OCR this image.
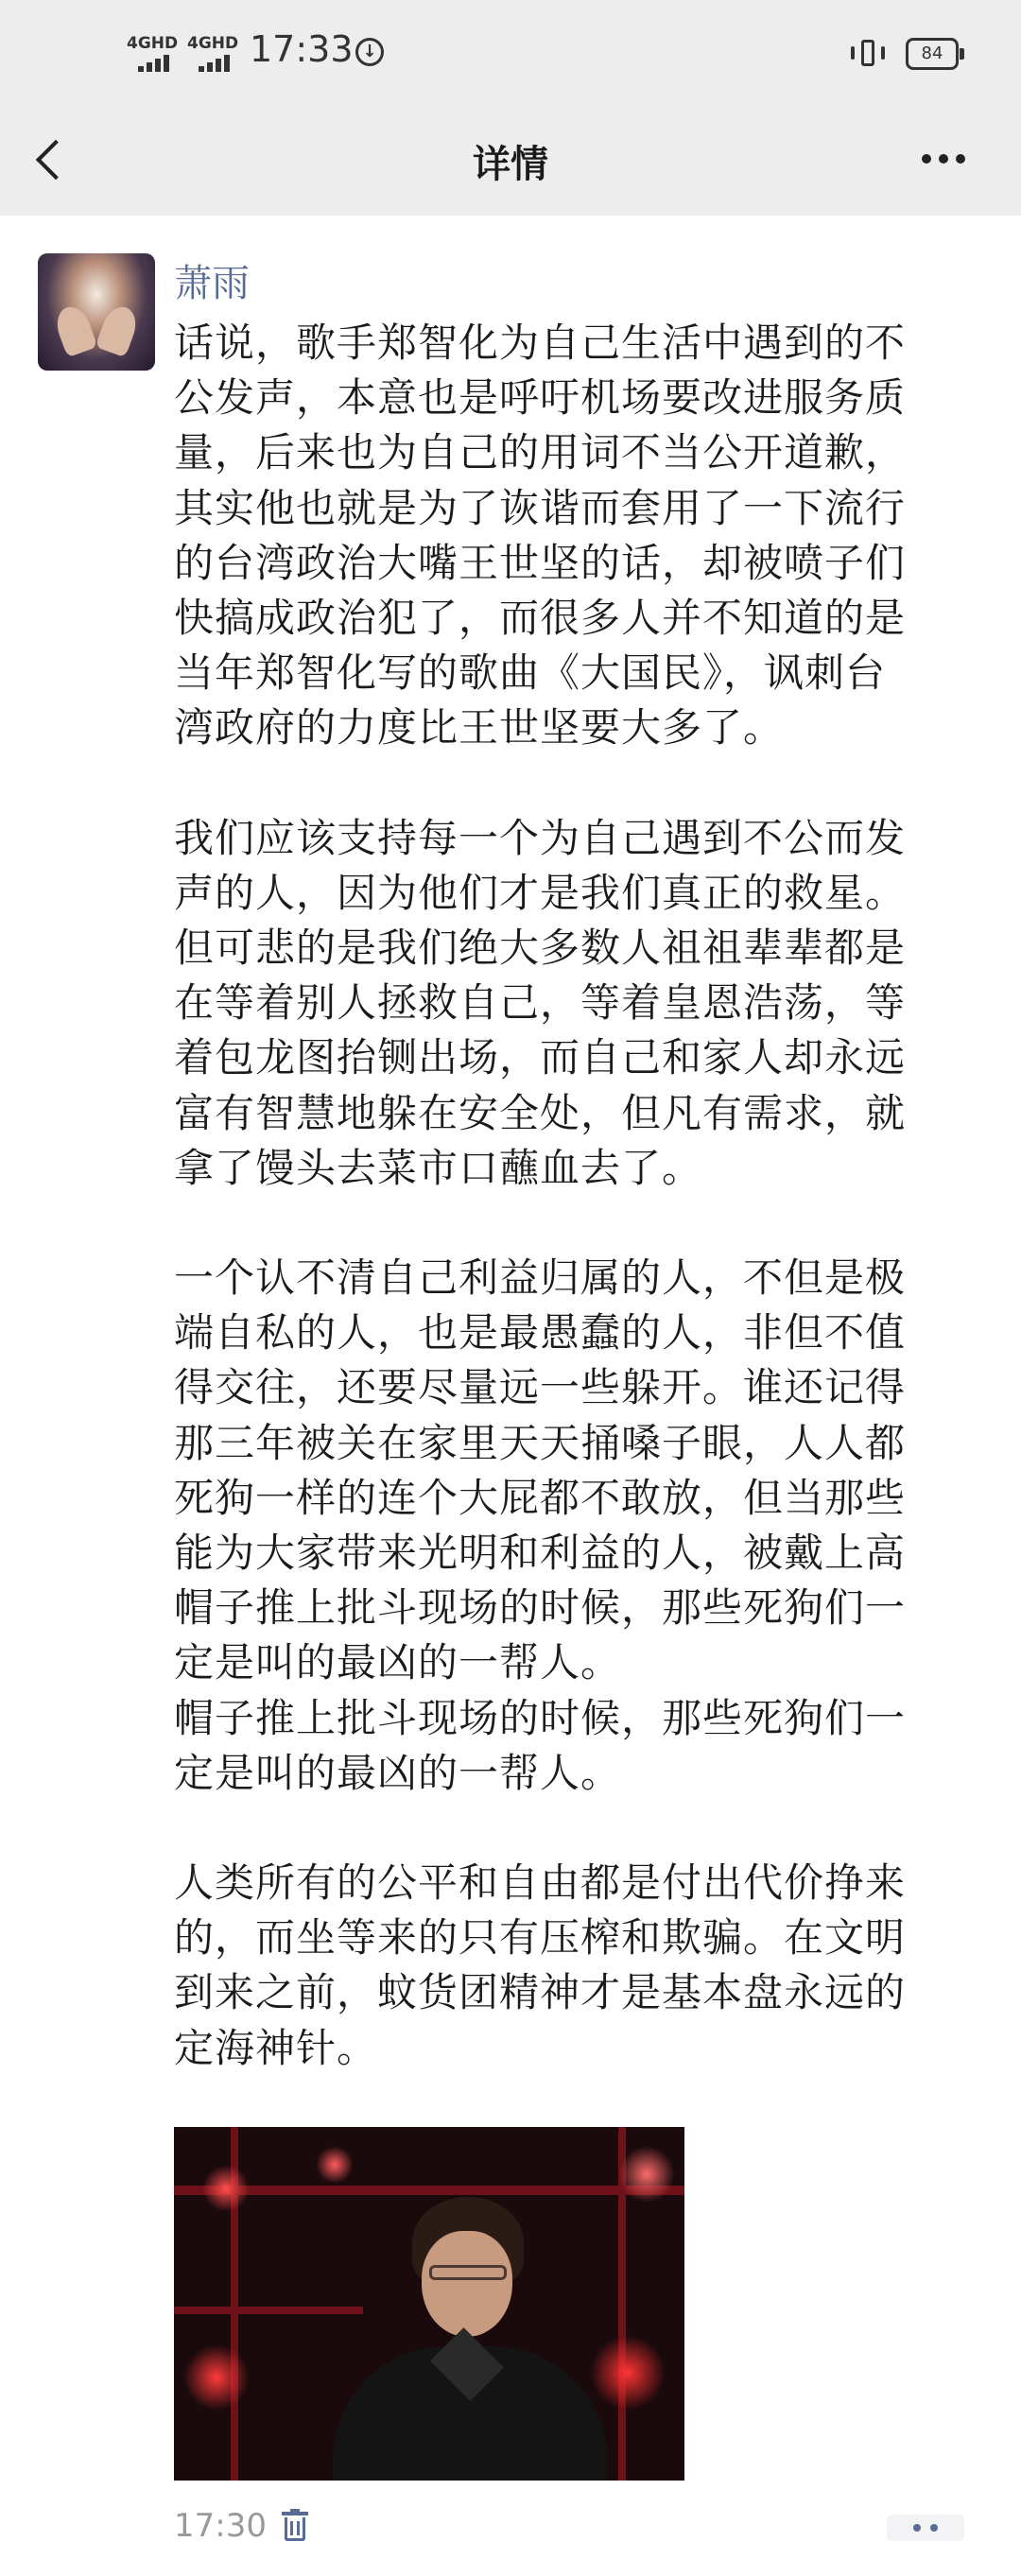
4GHD 4GHD 17:33 ↓	84
详情
萧雨

话说，歌手郑智化为自己生活中遇到的不
公发声，本意也是呼吁机场要改进服务质
量，后来也为自己的用词不当公开道歉，
其实他也就是为了诙谐而套用了一下流行
的台湾政治大嘴王世坚的话，却被喷子们
快搞成政治犯了，而很多人并不知道的是
当年郑智化写的歌曲《大国民》，讽刺台
湾政府的力度比王世坚要大多了。

我们应该支持每一个为自己遇到不公而发
声的人，因为他们才是我们真正的救星。
但可悲的是我们绝大多数人祖祖辈辈都是
在等着别人拯救自己，等着皇恩浩荡，等
着包龙图抬铡出场，而自己和家人却永远
富有智慧地躲在安全处，但凡有需求，就
拿了馒头去菜市口蘸血去了。

一个认不清自己利益归属的人，不但是极
端自私的人，也是最愚蠢的人，非但不值
得交往，还要尽量远一些躲开。谁还记得
那三年被关在家里天天捅嗓子眼，人人都
死狗一样的连个大屁都不敢放，但当那些
能为大家带来光明和利益的人，被戴上高
帽子推上批斗现场的时候，那些死狗们一
定是叫的最凶的一帮人。
帽子推上批斗现场的时候，那些死狗们一
定是叫的最凶的一帮人。

人类所有的公平和自由都是付出代价挣来
的，而坐等来的只有压榨和欺骗。在文明
到来之前，蚊货团精神才是基本盘永远的
定海神针。

17:30
